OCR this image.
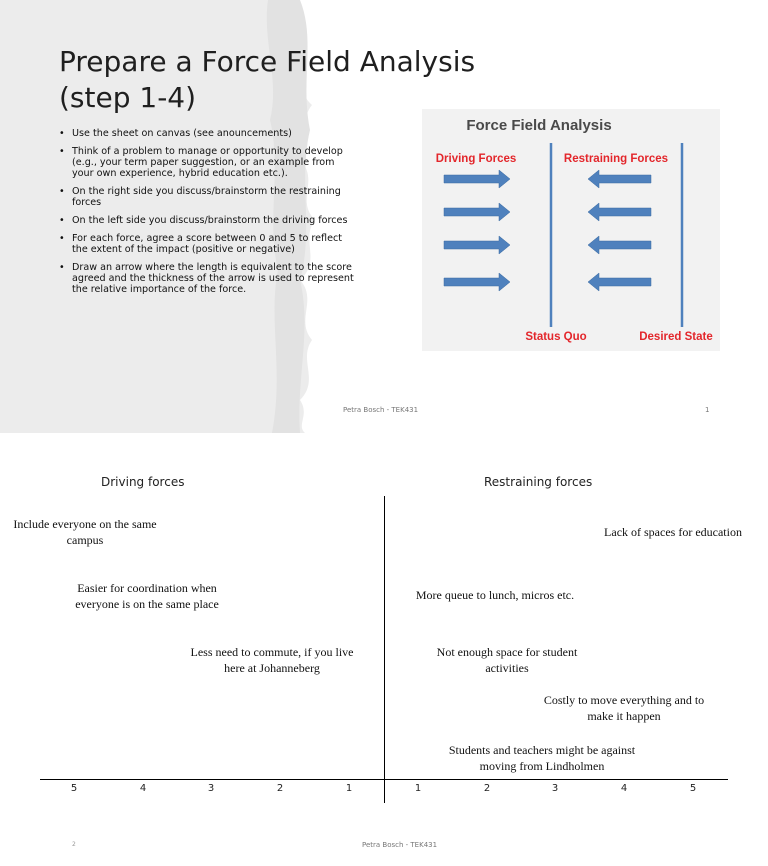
Prepare a Force Field Analysis (step 1-4)
• Use the sheet on canvas (see anouncements)
• Think of a problem to manage or opportunity to develop (e.g., your term paper suggestion, or an example from your own experience, hybrid education etc.).
• On the right side you discuss/brainstorm the restraining forces
• On the left side you discuss/brainstorm the driving forces
• For each force, agree a score between 0 and 5 to reflect the extent of the impact (positive or negative)
• Draw an arrow where the length is equivalent to the score agreed and the thickness of the arrow is used to represent the relative importance of the force.
Force Field Analysis
Driving Forces	Restraining Forces
Status Quo	Desired State
Petra Bosch - TEK431	1
Driving forces	Restraining forces
Include everyone on the same campus
Easier for coordination when everyone is on the same place
Less need to commute, if you live here at Johanneberg
Lack of spaces for education
More queue to lunch, micros etc.
Not enough space for student activities
Costly to move everything and to make it happen
Students and teachers might be against moving from Lindholmen
5	4	3	2	1	1	2	3	4	5
2	Petra Bosch - TEK431
